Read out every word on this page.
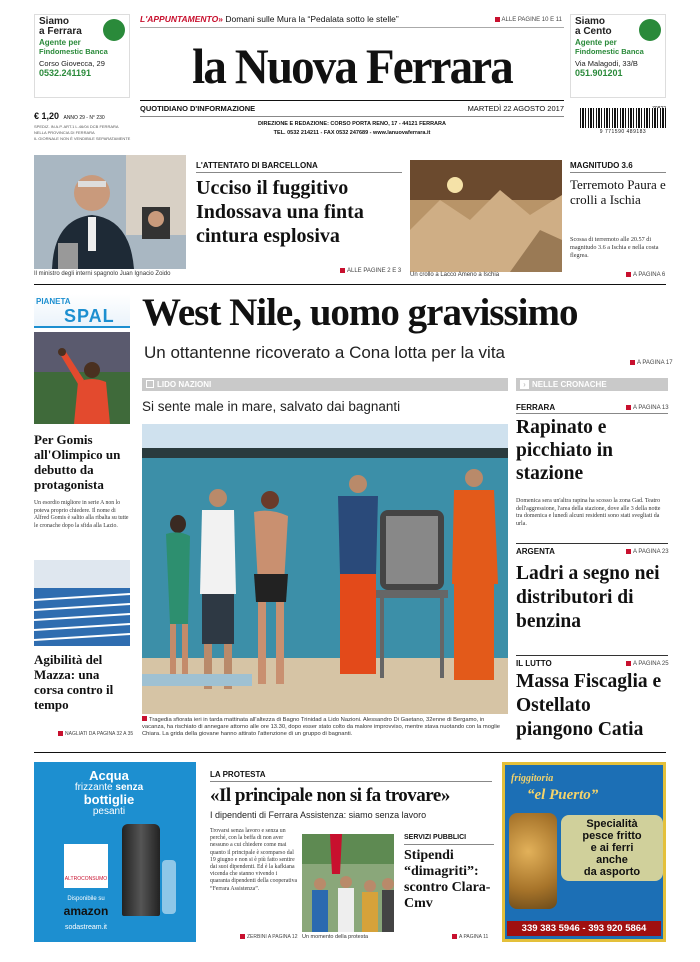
Siamo
a Ferrara
Agente per
Findomestic Banca
Corso Giovecca, 29
0532.241191
Siamo
a Cento
Agente per
Findomestic Banca
Via Malagodi, 33/B
051.901201
L'APPUNTAMENTO» Domani sulle Mura la “Pedalata sotto le stelle”	ALLE PAGINE 10 E 11
la Nuova Ferrara
QUOTIDIANO D'INFORMAZIONE	MARTEDÌ 22 AGOSTO 2017
DIREZIONE E REDAZIONE: CORSO PORTA RENO, 17 - 44121 FERRARA
TEL. 0532 214211 - FAX 0532 247689 - www.lanuovaferrara.it
€ 1,20 ANNO 29 - N° 230
SPEDIZ. IN A.P. ART.1 L.46/04 DCB FERRARA
NELLA PROVINCIA DI FERRARA
IL GIORNALE NON È VENDIBILE SEPARATAMENTE
9 771590 489183
Il ministro degli interni spagnolo Juan Ignacio Zoido
L'ATTENTATO DI BARCELLONA
Ucciso il fuggitivo Indossava una finta cintura esplosiva
ALLE PAGINE 2 E 3
Un crollo a Lacco Ameno a Ischia
MAGNITUDO 3.6
Terremoto Paura e crolli a Ischia
Scossa di terremoto alle 20.57 di magnitudo 3.6 a Ischia e nella costa flegrea.
A PAGINA 6
PIANETA
SPAL
Per Gomis all'Olimpico un debutto da protagonista
Un esordio migliore in serie A non lo poteva proprio chiedere. Il nome di Alfred Gomis è salito alla ribalta su tutte le cronache dopo la sfida alla Lazio.
Agibilità del Mazza: una corsa contro il tempo
NAGLIATI DA PAGINA 32 A 35
West Nile, uomo gravissimo
Un ottantenne ricoverato a Cona lotta per la vita
A PAGINA 17
LIDO NAZIONI
Si sente male in mare, salvato dai bagnanti
Tragedia sfiorata ieri in tarda mattinata all'altezza di Bagno Trinidad a Lido Nazioni. Alessandro Di Gaetano, 32enne di Bergamo, in vacanza, ha rischiato di annegare attorno alle ore 13.30, dopo esser stato colto da malore improvviso, mentre stava nuotando con la moglie Chiara. La grida della giovane hanno attirato l'attenzione di un gruppo di bagnanti.
› NELLE CRONACHE
FERRARA	A PAGINA 13
Rapinato e picchiato in stazione
Domenica sera un'altra rapina ha scosso la zona Gad. Teatro dell'aggressione, l'area della stazione, dove alle 3 della notte tra domenica e lunedì alcuni residenti sono stati svegliati da urla.
ARGENTA	A PAGINA 23
Ladri a segno nei distributori di benzina
IL LUTTO	A PAGINA 25
Massa Fiscaglia e Ostellato piangono Catia
Acqua
frizzante senza
bottiglie
pesanti
ALTROCONSUMO
Disponibile su
amazon
sodastream.it
LA PROTESTA
«Il principale non si fa trovare»
I dipendenti di Ferrara Assistenza: siamo senza lavoro
Trovarsi senza lavoro e senza un perché, con la beffa di non aver nessuno a cui chiedere come mai quanto il principale è scomparso dal 19 giugno e non si è più fatto sentire dai suoi dipendenti. Ed è la kafkiana vicenda che stanno vivendo i quaranta dipendenti della cooperativa “Ferrara Assistenza”.
ZERBINI A PAGINA 12 Un momento della protesta
SERVIZI PUBBLICI
Stipendi “dimagriti”: scontro Clara-Cmv
A PAGINA 11
friggitoria
“el Puerto”
Specialità
pesce fritto
e ai ferri
anche
da asporto
339 383 5946 - 393 920 5864
